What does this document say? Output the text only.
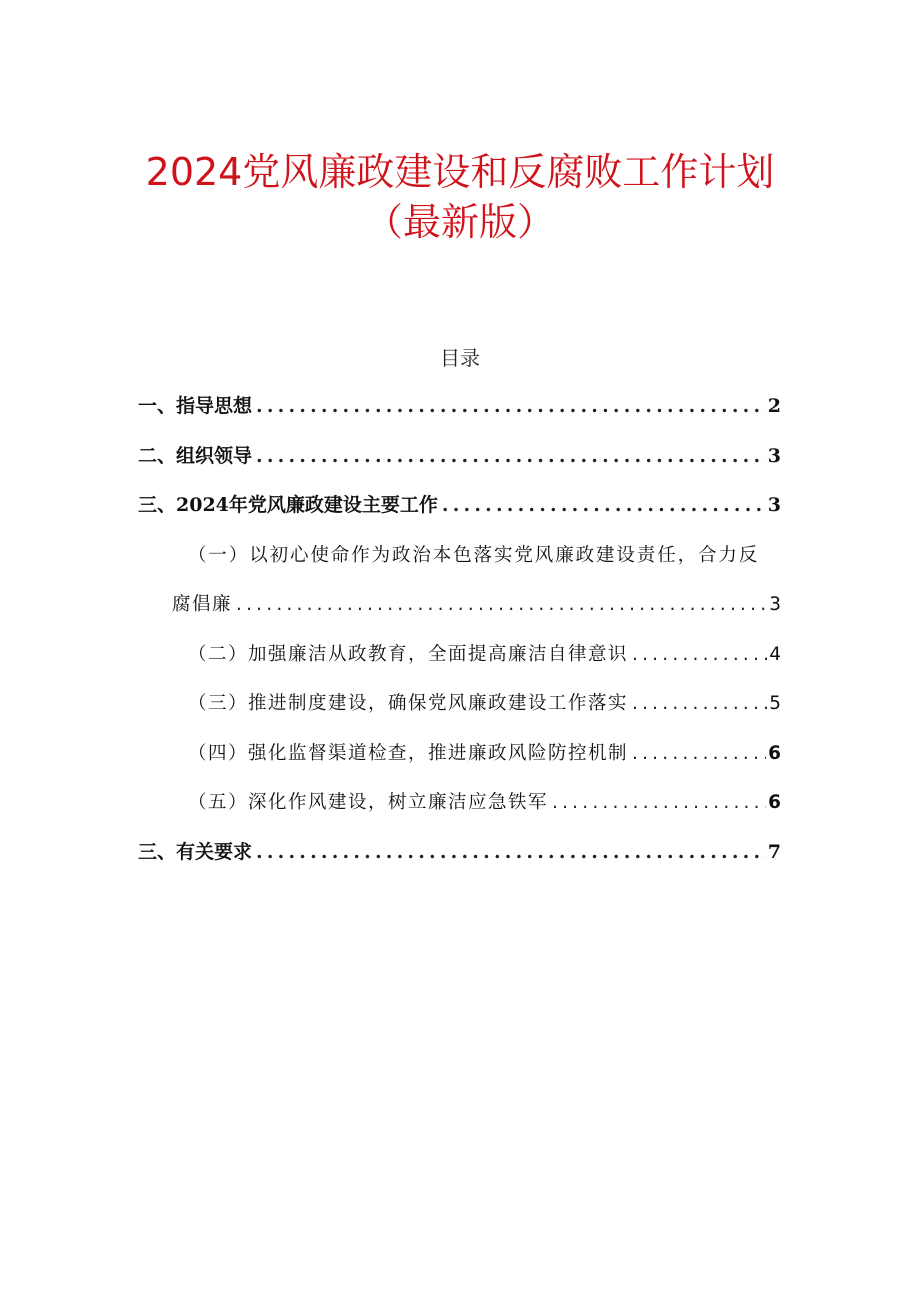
2024党风廉政建设和反腐败工作计划
（最新版）
目录
一、指导思想 .....	2
二、组织领导 .....	3
三、2024年党风廉政建设主要工作 .....	3
（一）以初心使命作为政治本色落实党风廉政建设责任，合力反
腐倡廉 .....	3
（二）加强廉洁从政教育，全面提高廉洁自律意识 .....	4
（三）推进制度建设，确保党风廉政建设工作落实 .....	5
（四）强化监督渠道检查，推进廉政风险防控机制 .....	6
（五）深化作风建设，树立廉洁应急铁军 .....	6
三、有关要求 .....	7
